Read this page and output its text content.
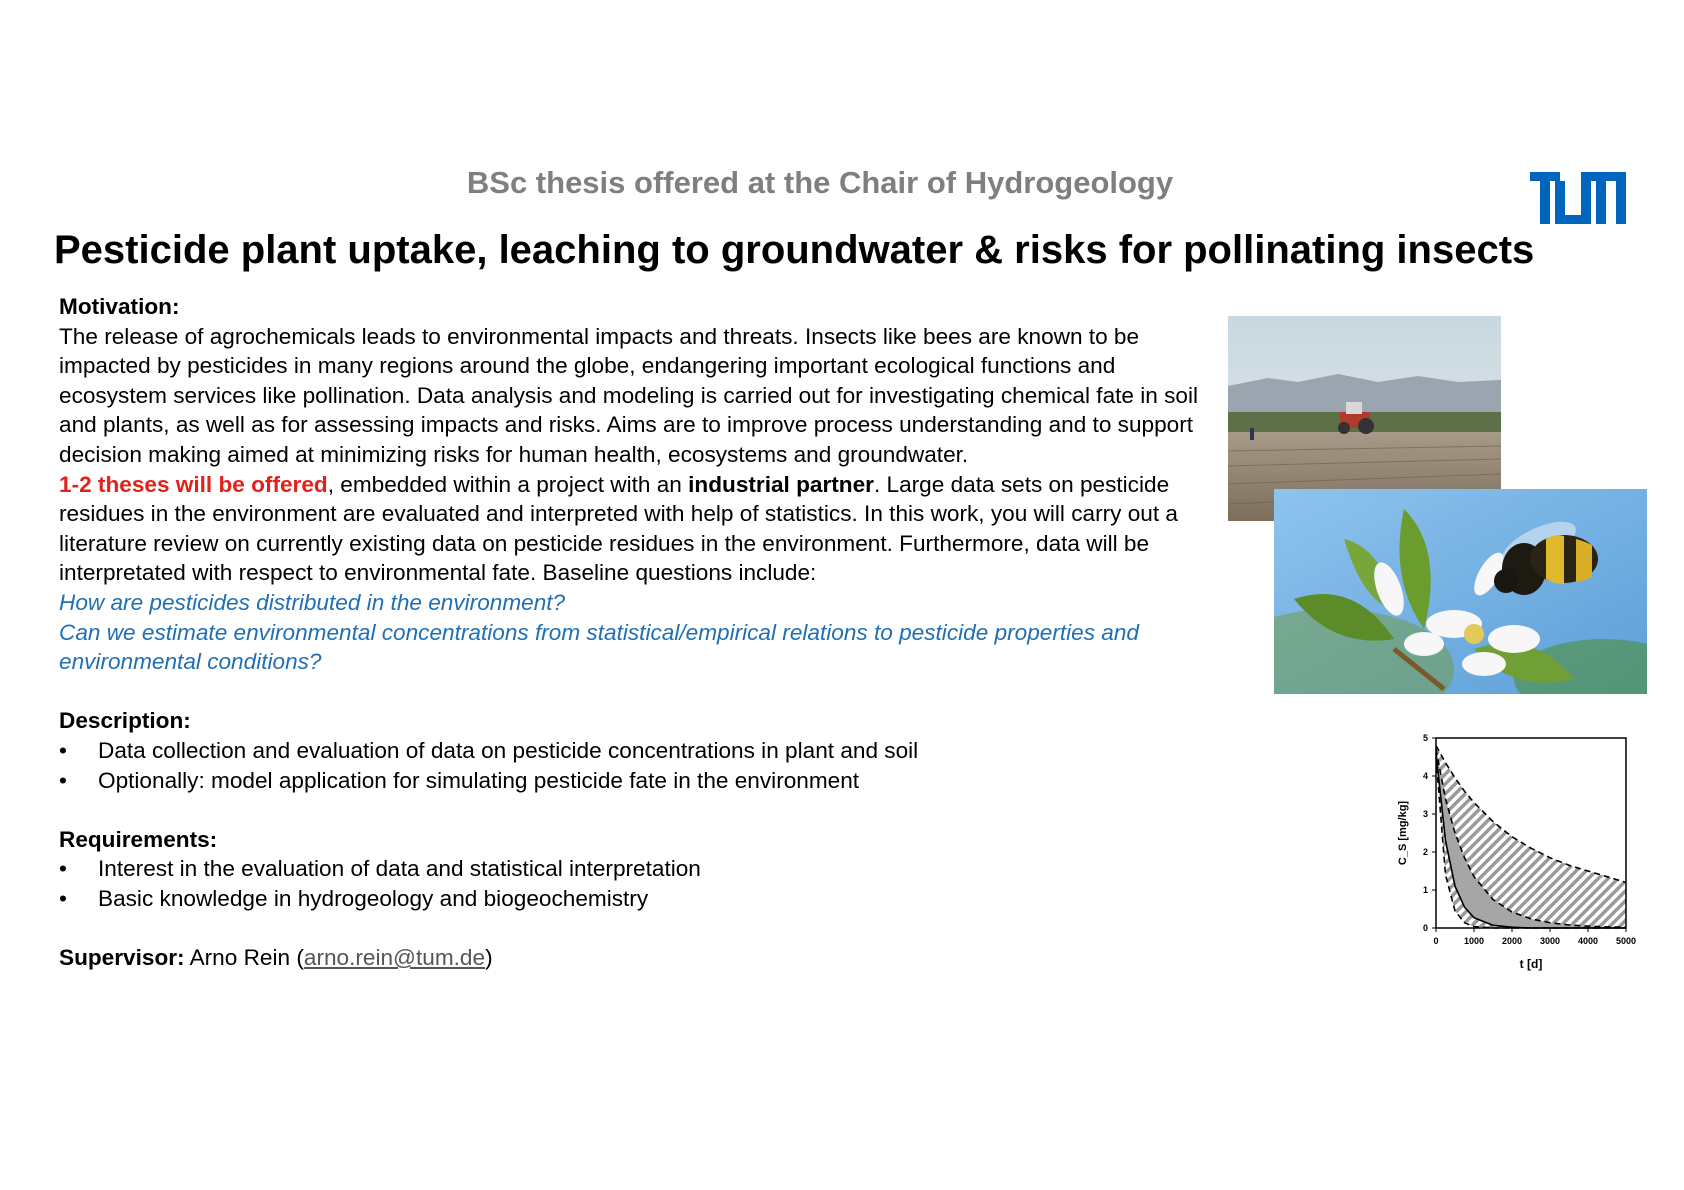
BSc thesis offered at the Chair of Hydrogeology
Pesticide plant uptake, leaching to groundwater & risks for pollinating insects

Motivation:

The release of agrochemicals leads to environmental impacts and threats. Insects like bees are known to be impacted by pesticides in many regions around the globe, endangering important ecological functions and ecosystem services like pollination. Data analysis and modeling is carried out for investigating chemical fate in soil and plants, as well as for assessing impacts and risks. Aims are to improve process understanding and to support decision making aimed at minimizing risks for human health, ecosystems and groundwater.

1-2 theses will be offered, embedded within a project with an industrial partner. Large data sets on pesticide residues in the environment are evaluated and interpreted with help of statistics. In this work, you will carry out a literature review on currently existing data on pesticide residues in the environment. Furthermore, data will be interpretated with respect to environmental fate. Baseline questions include:

How are pesticides distributed in the environment?

Can we estimate environmental concentrations from statistical/empirical relations to pesticide properties and environmental conditions?

Description:

•	Data collection and evaluation of data on pesticide concentrations in plant and soil
•	Optionally: model application for simulating pesticide fate in the environment

Requirements:

•	Interest in the evaluation of data and statistical interpretation
•	Basic knowledge in hydrogeology and biogeochemistry

Supervisor: Arno Rein (arno.rein@tum.de)

0	1000 2000 3000 4000 5000
0
1
2
3
4
5
t [d]
C_S [mg/kg]
